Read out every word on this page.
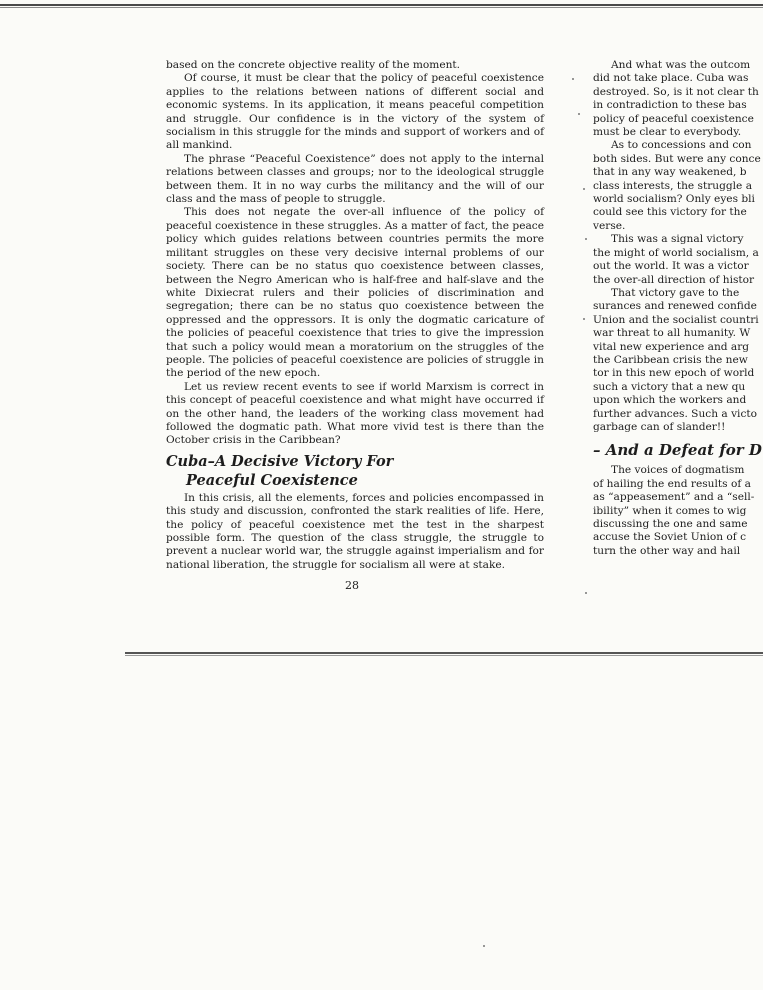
based on the concrete objective reality of the moment.

Of course, it must be clear that the policy of peaceful coexistence applies to the relations between nations of different social and economic systems. In its application, it means peaceful competition and struggle. Our confidence is in the victory of the system of socialism in this struggle for the minds and support of workers and of all mankind.

The phrase “Peaceful Coexistence” does not apply to the internal relations between classes and groups; nor to the ideological struggle between them. It in no way curbs the militancy and the will of our class and the mass of people to struggle.

This does not negate the over-all influence of the policy of peaceful coexistence in these struggles. As a matter of fact, the peace policy which guides relations between countries permits the more militant struggles on these very decisive internal problems of our society. There can be no status quo coexistence between classes, between the Negro American who is half-free and half-slave and the white Dixiecrat rulers and their policies of discrimination and segregation; there can be no status quo coexistence between the oppressed and the oppressors. It is only the dogmatic caricature of the policies of peaceful coexistence that tries to give the impression that such a policy would mean a moratorium on the struggles of the people. The policies of peaceful coexistence are policies of struggle in the period of the new epoch.

Let us review recent events to see if world Marxism is correct in this concept of peaceful coexistence and what might have occurred if on the other hand, the leaders of the working class movement had followed the dogmatic path. What more vivid test is there than the October crisis in the Caribbean?

Cuba–A Decisive Victory For
Peaceful Coexistence

In this crisis, all the elements, forces and policies encompassed in this study and discussion, confronted the stark realities of life. Here, the policy of peaceful coexistence met the test in the sharpest possible form. The question of the class struggle, the struggle to prevent a nuclear world war, the struggle against imperialism and for national liberation, the struggle for socialism all were at stake.

28
And what was the outcom
did not take place. Cuba was
destroyed. So, is it not clear th
in contradiction to these bas
policy of peaceful coexistence
must be clear to everybody.
As to concessions and con
both sides. But were any conce
that in any way weakened, b
class interests, the struggle a
world socialism? Only eyes bli
could see this victory for the
verse.
This was a signal victory
the might of world socialism, a
out the world. It was a victor
the over-all direction of histor
That victory gave to the
surances and renewed confide
Union and the socialist countri
war threat to all humanity. W
vital new experience and arg
the Caribbean crisis the new
tor in this new epoch of world
such a victory that a new qu
upon which the workers and
further advances. Such a victo
garbage can of slander!!
– And a Defeat for D
The voices of dogmatism
of hailing the end results of a
as “appeasement” and a “sell-
ibility” when it comes to wig
discussing the one and same
accuse the Soviet Union of c
turn the other way and hail
